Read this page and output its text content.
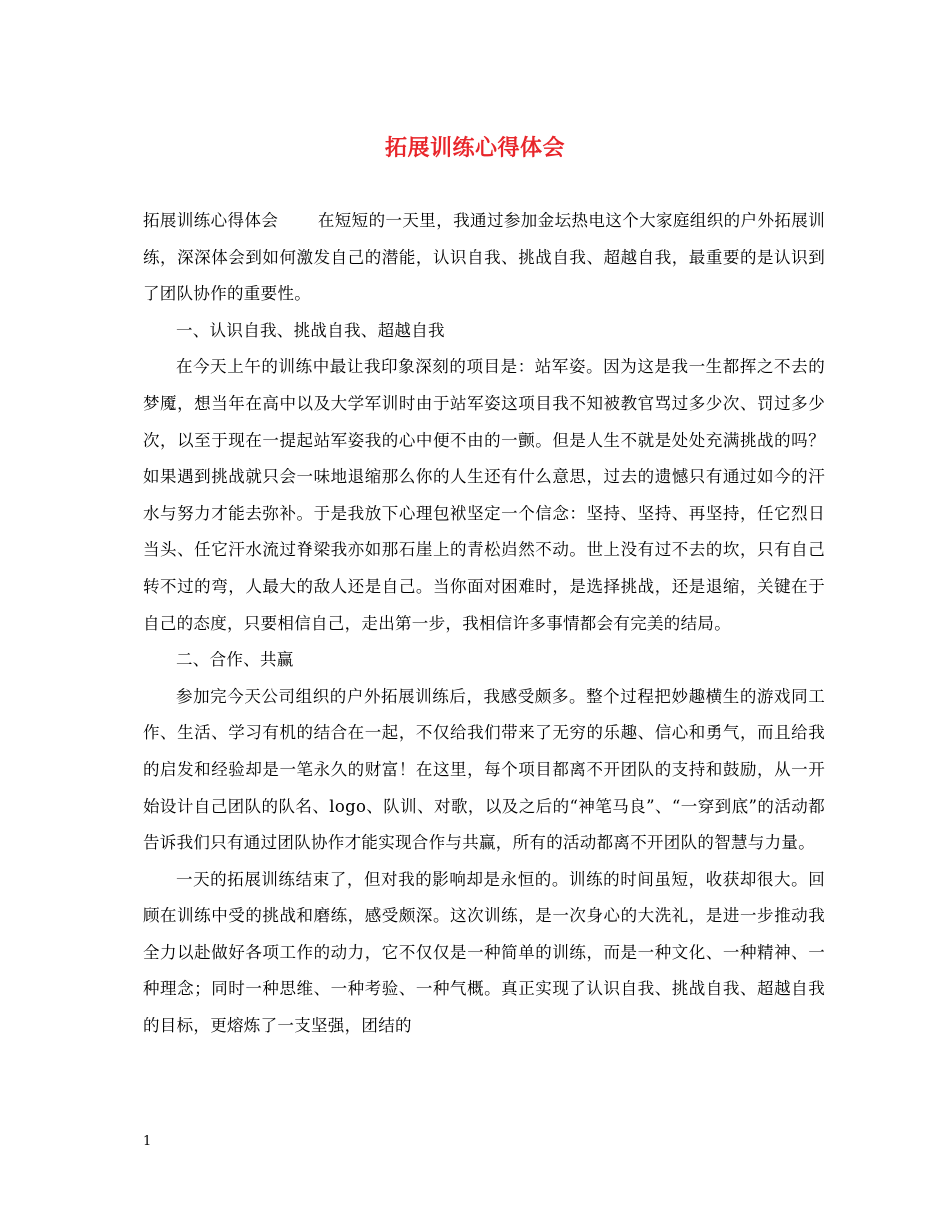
拓展训练心得体会

拓展训练心得体会 在短短的一天里，我通过参加金坛热电这个大家庭组织的户外拓展训练，深深体会到如何激发自己的潜能，认识自我、挑战自我、超越自我，最重要的是认识到了团队协作的重要性。

一、认识自我、挑战自我、超越自我

在今天上午的训练中最让我印象深刻的项目是：站军姿。因为这是我一生都挥之不去的梦魇，想当年在高中以及大学军训时由于站军姿这项目我不知被教官骂过多少次、罚过多少次，以至于现在一提起站军姿我的心中便不由的一颤。但是人生不就是处处充满挑战的吗？如果遇到挑战就只会一味地退缩那么你的人生还有什么意思，过去的遗憾只有通过如今的汗水与努力才能去弥补。于是我放下心理包袱坚定一个信念：坚持、坚持、再坚持，任它烈日当头、任它汗水流过脊梁我亦如那石崖上的青松岿然不动。世上没有过不去的坎，只有自己转不过的弯，人最大的敌人还是自己。当你面对困难时，是选择挑战，还是退缩，关键在于自己的态度，只要相信自己，走出第一步，我相信许多事情都会有完美的结局。

二、合作、共赢

参加完今天公司组织的户外拓展训练后，我感受颇多。整个过程把妙趣横生的游戏同工作、生活、学习有机的结合在一起，不仅给我们带来了无穷的乐趣、信心和勇气，而且给我的启发和经验却是一笔永久的财富！在这里，每个项目都离不开团队的支持和鼓励，从一开始设计自己团队的队名、logo、队训、对歌，以及之后的“神笔马良”、“一穿到底”的活动都告诉我们只有通过团队协作才能实现合作与共赢，所有的活动都离不开团队的智慧与力量。

一天的拓展训练结束了，但对我的影响却是永恒的。训练的时间虽短，收获却很大。回顾在训练中受的挑战和磨练，感受颇深。这次训练，是一次身心的大洗礼，是进一步推动我全力以赴做好各项工作的动力，它不仅仅是一种简单的训练，而是一种文化、一种精神、一种理念；同时一种思维、一种考验、一种气概。真正实现了认识自我、挑战自我、超越自我的目标，更熔炼了一支坚强，团结的

1
